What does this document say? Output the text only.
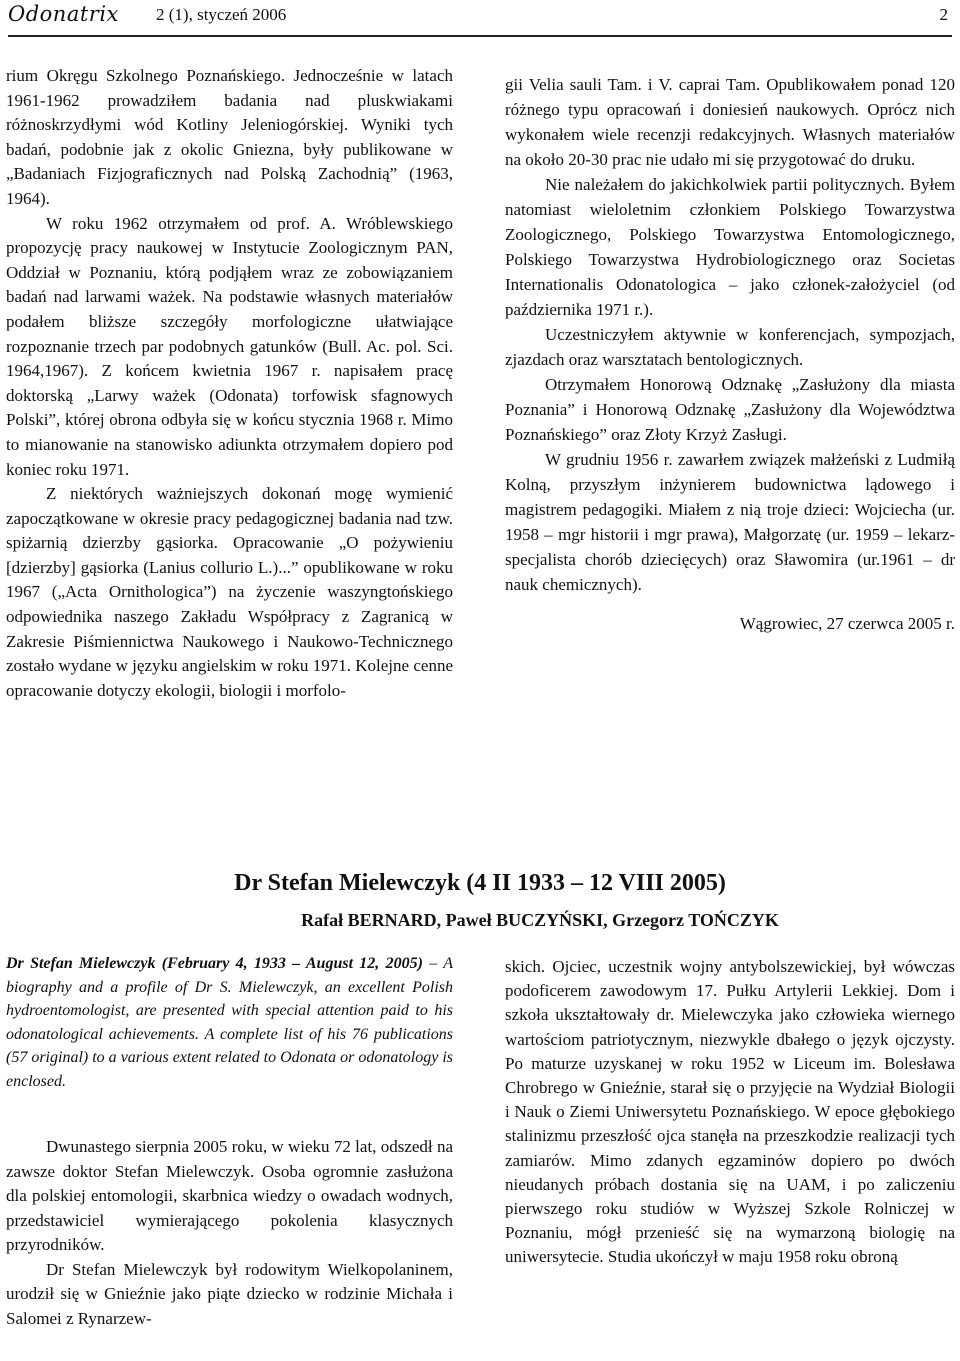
Odonatrix 2 (1), styczeń 2006	2

rium Okręgu Szkolnego Poznańskiego. Jednocześnie w latach 1961-1962 prowadziłem badania nad pluskwiakami różnoskrzydłymi wód Kotliny Jeleniogórskiej. Wyniki tych badań, podobnie jak z okolic Gniezna, były publikowane w „Badaniach Fizjograficznych nad Polską Zachodnią” (1963, 1964).

W roku 1962 otrzymałem od prof. A. Wróblewskiego propozycję pracy naukowej w Instytucie Zoologicznym PAN, Oddział w Poznaniu, którą podjąłem wraz ze zobowiązaniem badań nad larwami ważek. Na podstawie własnych materiałów podałem bliższe szczegóły morfologiczne ułatwiające rozpoznanie trzech par podobnych gatunków (Bull. Ac. pol. Sci. 1964,1967). Z końcem kwietnia 1967 r. napisałem pracę doktorską „Larwy ważek (Odonata) torfowisk sfagnowych Polski”, której obrona odbyła się w końcu stycznia 1968 r. Mimo to mianowanie na stanowisko adiunkta otrzymałem dopiero pod koniec roku 1971.

Z niektórych ważniejszych dokonań mogę wymienić zapoczątkowane w okresie pracy pedagogicznej badania nad tzw. spiżarnią dzierzby gąsiorka. Opracowanie „O pożywieniu [dzierzby] gąsiorka (Lanius collurio L.)...” opublikowane w roku 1967 („Acta Ornithologica”) na życzenie waszyngtońskiego odpowiednika naszego Zakładu Współpracy z Zagranicą w Zakresie Piśmiennictwa Naukowego i Naukowo-Technicznego zostało wydane w języku angielskim w roku 1971. Kolejne cenne opracowanie dotyczy ekologii, biologii i morfolo-

gii Velia sauli Tam. i V. caprai Tam. Opublikowałem ponad 120 różnego typu opracowań i doniesień naukowych. Oprócz nich wykonałem wiele recenzji redakcyjnych. Własnych materiałów na około 20-30 prac nie udało mi się przygotować do druku.

Nie należałem do jakichkolwiek partii politycznych. Byłem natomiast wieloletnim członkiem Polskiego Towarzystwa Zoologicznego, Polskiego Towarzystwa Entomologicznego, Polskiego Towarzystwa Hydrobiologicznego oraz Societas Internationalis Odonatologica – jako członek-założyciel (od października 1971 r.).

Uczestniczyłem aktywnie w konferencjach, sympozjach, zjazdach oraz warsztatach bentologicznych.

Otrzymałem Honorową Odznakę „Zasłużony dla miasta Poznania” i Honorową Odznakę „Zasłużony dla Województwa Poznańskiego” oraz Złoty Krzyż Zasługi.

W grudniu 1956 r. zawarłem związek małżeński z Ludmiłą Kolną, przyszłym inżynierem budownictwa lądowego i magistrem pedagogiki. Miałem z nią troje dzieci: Wojciecha (ur. 1958 – mgr historii i mgr prawa), Małgorzatę (ur. 1959 – lekarz-specjalista chorób dziecięcych) oraz Sławomira (ur.1961 – dr nauk chemicznych).

Wągrowiec, 27 czerwca 2005 r.

Dr Stefan Mielewczyk (4 II 1933 – 12 VIII 2005)
Rafał BERNARD, Paweł BUCZYŃSKI, Grzegorz TOŃCZYK
Dr Stefan Mielewczyk (February 4, 1933 – August 12, 2005) – A biography and a profile of Dr S. Mielewczyk, an excellent Polish hydroentomologist, are presented with special attention paid to his odonatological achievements. A complete list of his 76 publications (57 original) to a various extent related to Odonata or odonatology is enclosed.

Dwunastego sierpnia 2005 roku, w wieku 72 lat, odszedł na zawsze doktor Stefan Mielewczyk. Osoba ogromnie zasłużona dla polskiej entomologii, skarbnica wiedzy o owadach wodnych, przedstawiciel wymierającego pokolenia klasycznych przyrodników.

Dr Stefan Mielewczyk był rodowitym Wielkopolaninem, urodził się w Gnieźnie jako piąte dziecko w rodzinie Michała i Salomei z Rynarzew-

skich. Ojciec, uczestnik wojny antybolszewickiej, był wówczas podoficerem zawodowym 17. Pułku Artylerii Lekkiej. Dom i szkoła ukształtowały dr. Mielewczyka jako człowieka wiernego wartościom patriotycznym, niezwykle dbałego o język ojczysty. Po maturze uzyskanej w roku 1952 w Liceum im. Bolesława Chrobrego w Gnieźnie, starał się o przyjęcie na Wydział Biologii i Nauk o Ziemi Uniwersytetu Poznańskiego. W epoce głębokiego stalinizmu przeszłość ojca stanęła na przeszkodzie realizacji tych zamiarów. Mimo zdanych egzaminów dopiero po dwóch nieudanych próbach dostania się na UAM, i po zaliczeniu pierwszego roku studiów w Wyższej Szkole Rolniczej w Poznaniu, mógł przenieść się na wymarzoną biologię na uniwersytecie. Studia ukończył w maju 1958 roku obroną
